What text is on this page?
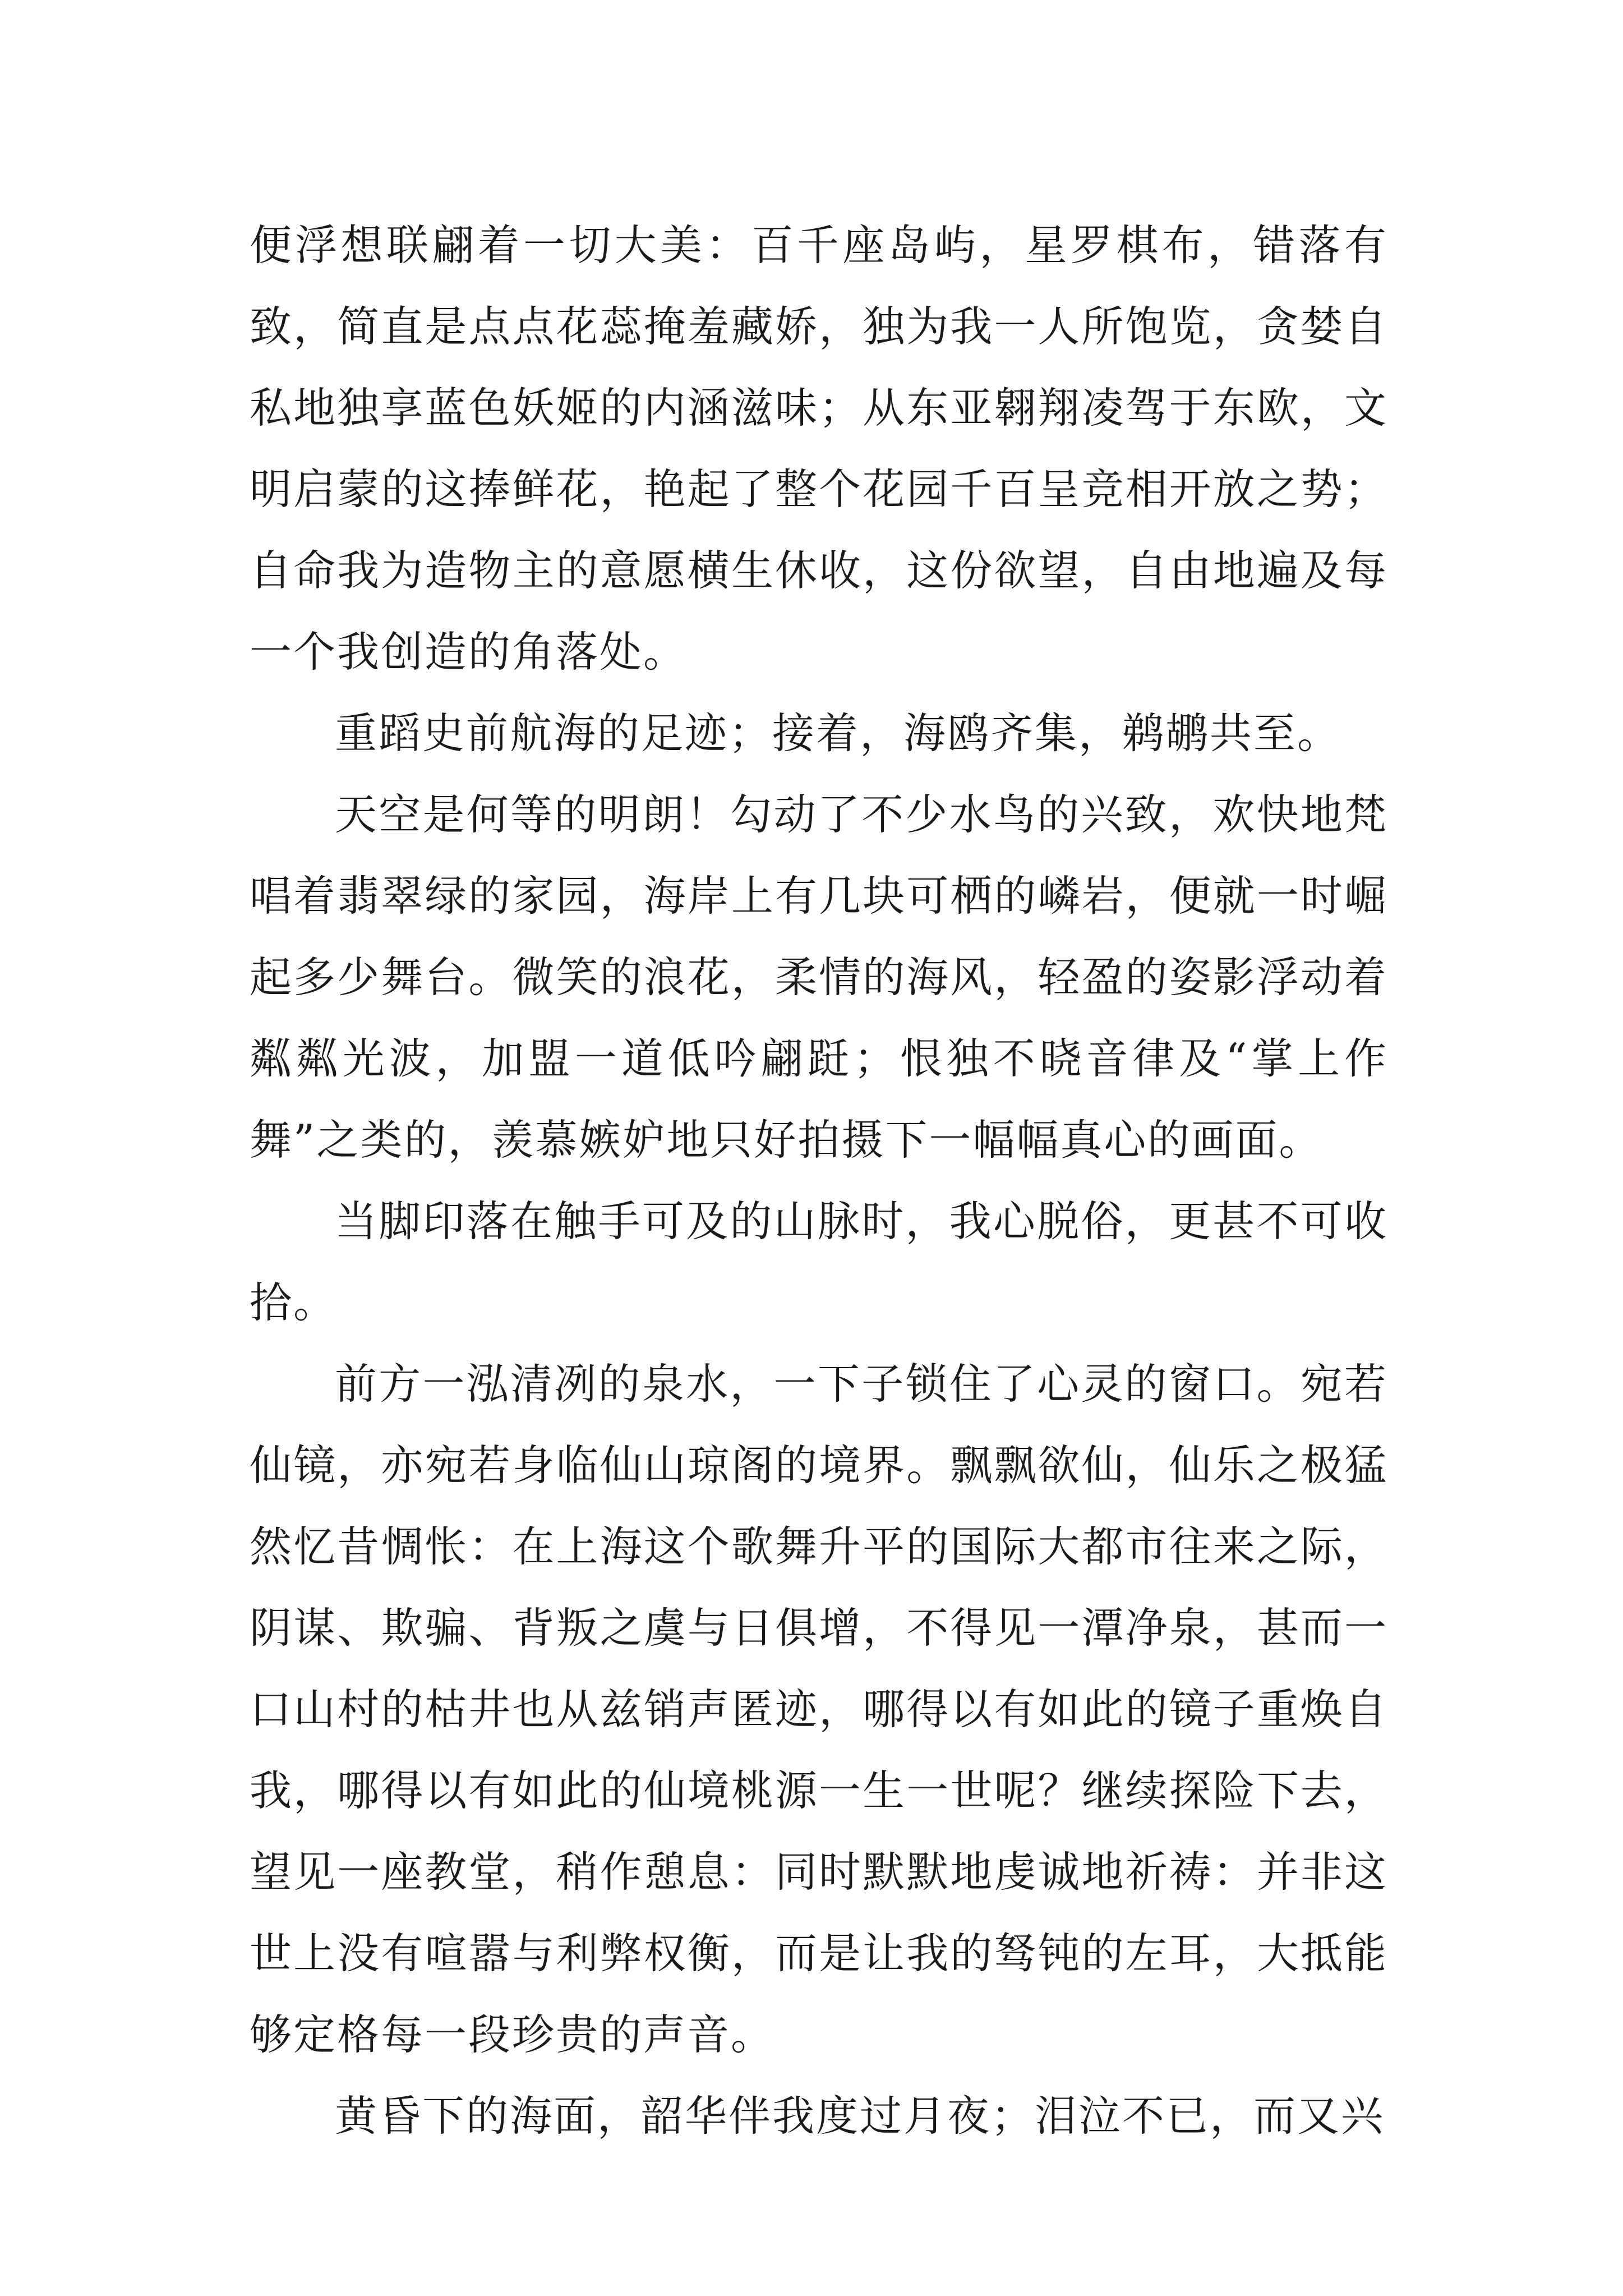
便浮想联翩着一切大美：百千座岛屿，星罗棋布，错落有致，简直是点点花蕊掩羞藏娇，独为我一人所饱览，贪婪自私地独享蓝色妖姬的内涵滋味；从东亚翱翔凌驾于东欧，文明启蒙的这捧鲜花，艳起了整个花园千百呈竞相开放之势；自命我为造物主的意愿横生休收，这份欲望，自由地遍及每一个我创造的角落处。

重蹈史前航海的足迹；接着，海鸥齐集，鹈鹕共至。

天空是何等的明朗！勾动了不少水鸟的兴致，欢快地梵唱着翡翠绿的家园，海岸上有几块可栖的嶙岩，便就一时崛起多少舞台。微笑的浪花，柔情的海风，轻盈的姿影浮动着粼粼光波，加盟一道低吟翩跹；恨独不晓音律及“掌上作舞”之类的，羡慕嫉妒地只好拍摄下一幅幅真心的画面。

当脚印落在触手可及的山脉时，我心脱俗，更甚不可收拾。

前方一泓清冽的泉水，一下子锁住了心灵的窗口。宛若仙镜，亦宛若身临仙山琼阁的境界。飘飘欲仙，仙乐之极猛然忆昔惆怅：在上海这个歌舞升平的国际大都市往来之际，阴谋、欺骗、背叛之虞与日俱增，不得见一潭净泉，甚而一口山村的枯井也从兹销声匿迹，哪得以有如此的镜子重焕自我，哪得以有如此的仙境桃源一生一世呢？继续探险下去，望见一座教堂，稍作憩息：同时默默地虔诚地祈祷：并非这世上没有喧嚣与利弊权衡，而是让我的驽钝的左耳，大抵能够定格每一段珍贵的声音。

黄昏下的海面，韶华伴我度过月夜；泪泣不已，而又兴
